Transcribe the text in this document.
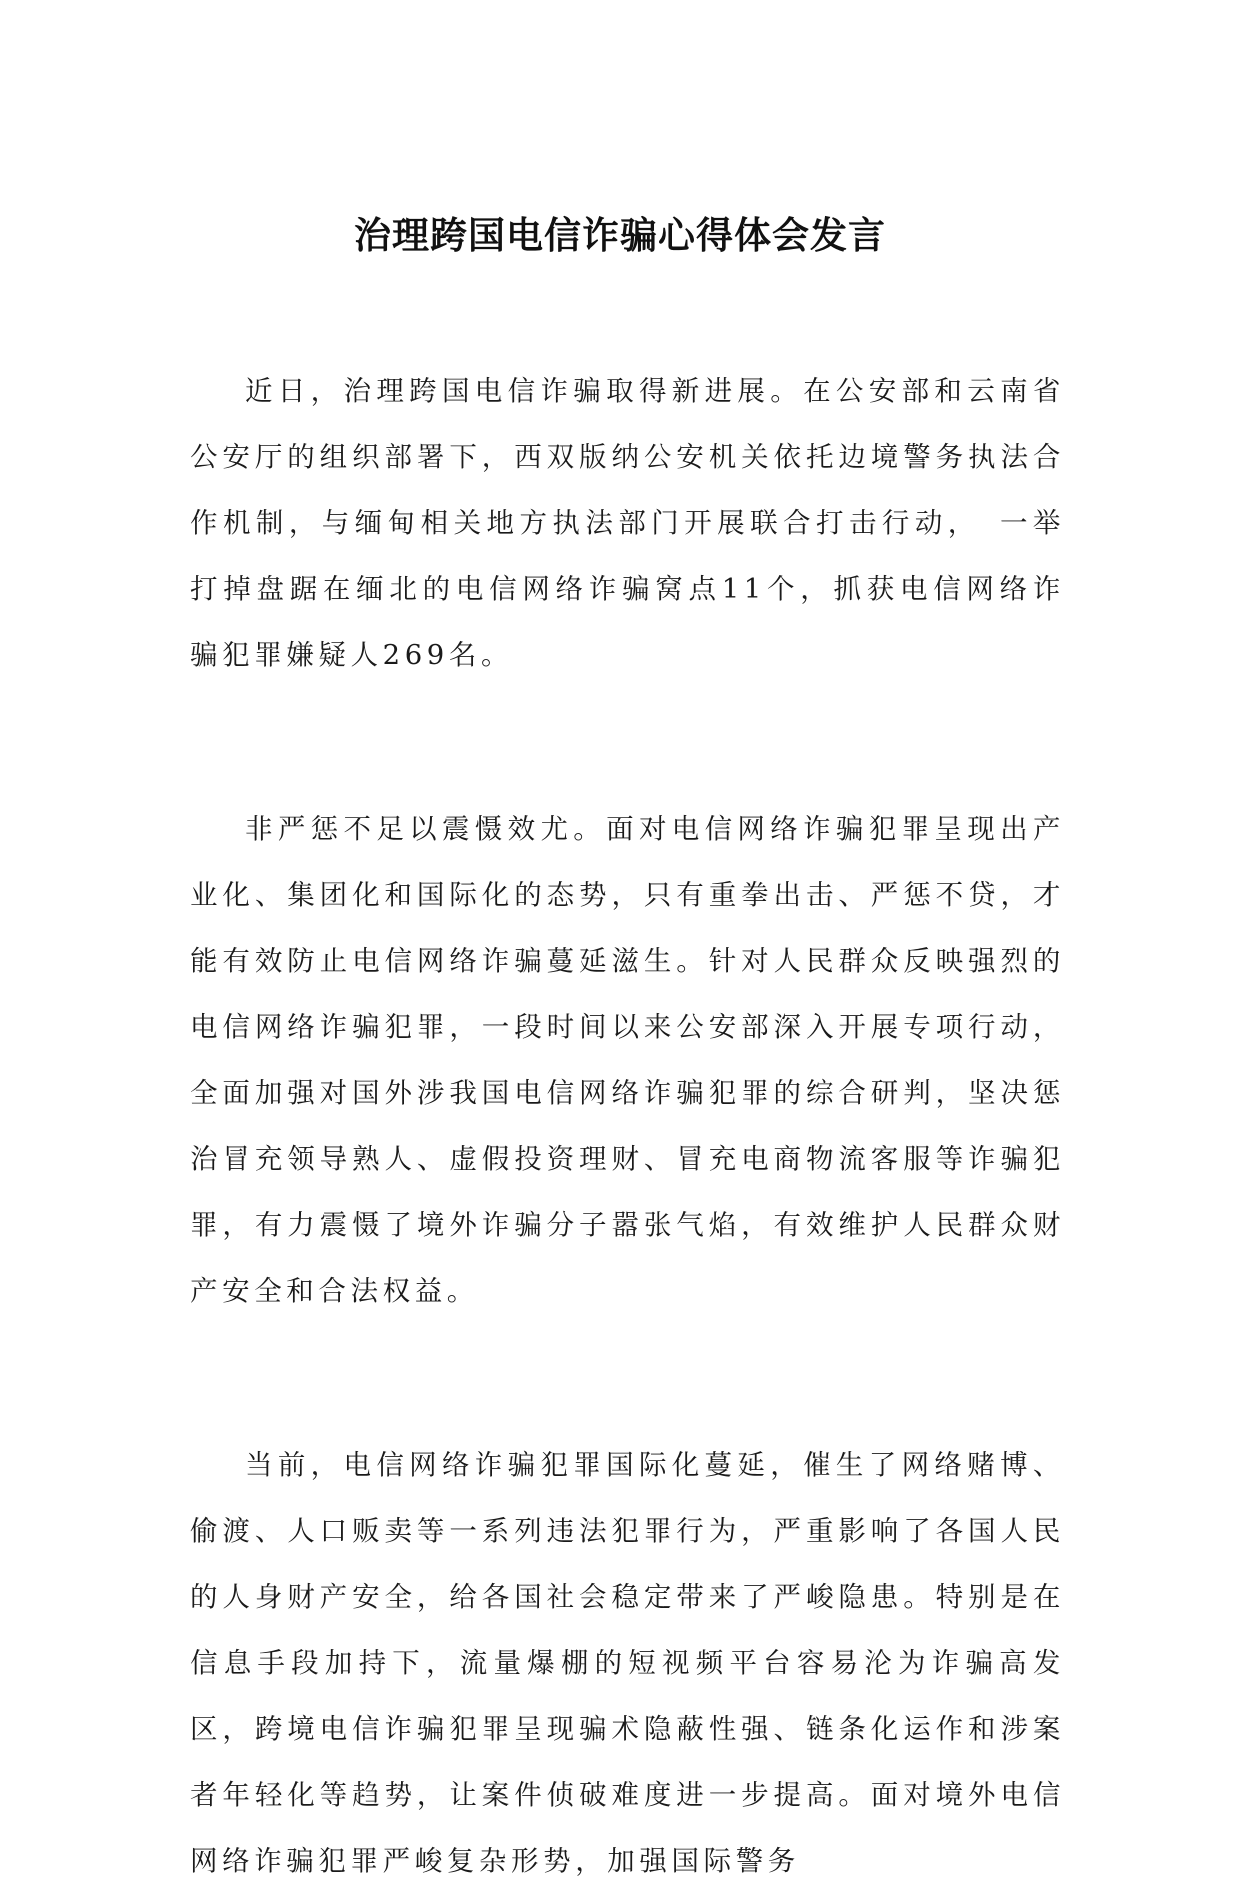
治理跨国电信诈骗心得体会发言

近日，治理跨国电信诈骗取得新进展。在公安部和云南省公安厅的组织部署下，西双版纳公安机关依托边境警务执法合作机制，与缅甸相关地方执法部门开展联合打击行动，　一举打掉盘踞在缅北的电信网络诈骗窝点11个，抓获电信网络诈骗犯罪嫌疑人269名。

非严惩不足以震慑效尤。面对电信网络诈骗犯罪呈现出产业化、集团化和国际化的态势，只有重拳出击、严惩不贷，才能有效防止电信网络诈骗蔓延滋生。针对人民群众反映强烈的电信网络诈骗犯罪，一段时间以来公安部深入开展专项行动，全面加强对国外涉我国电信网络诈骗犯罪的综合研判，坚决惩治冒充领导熟人、虚假投资理财、冒充电商物流客服等诈骗犯罪，有力震慑了境外诈骗分子嚣张气焰，有效维护人民群众财产安全和合法权益。

当前，电信网络诈骗犯罪国际化蔓延，催生了网络赌博、偷渡、人口贩卖等一系列违法犯罪行为，严重影响了各国人民的人身财产安全，给各国社会稳定带来了严峻隐患。特别是在信息手段加持下，流量爆棚的短视频平台容易沦为诈骗高发区，跨境电信诈骗犯罪呈现骗术隐蔽性强、链条化运作和涉案者年轻化等趋势，让案件侦破难度进一步提高。面对境外电信网络诈骗犯罪严峻复杂形势，加强国际警务
